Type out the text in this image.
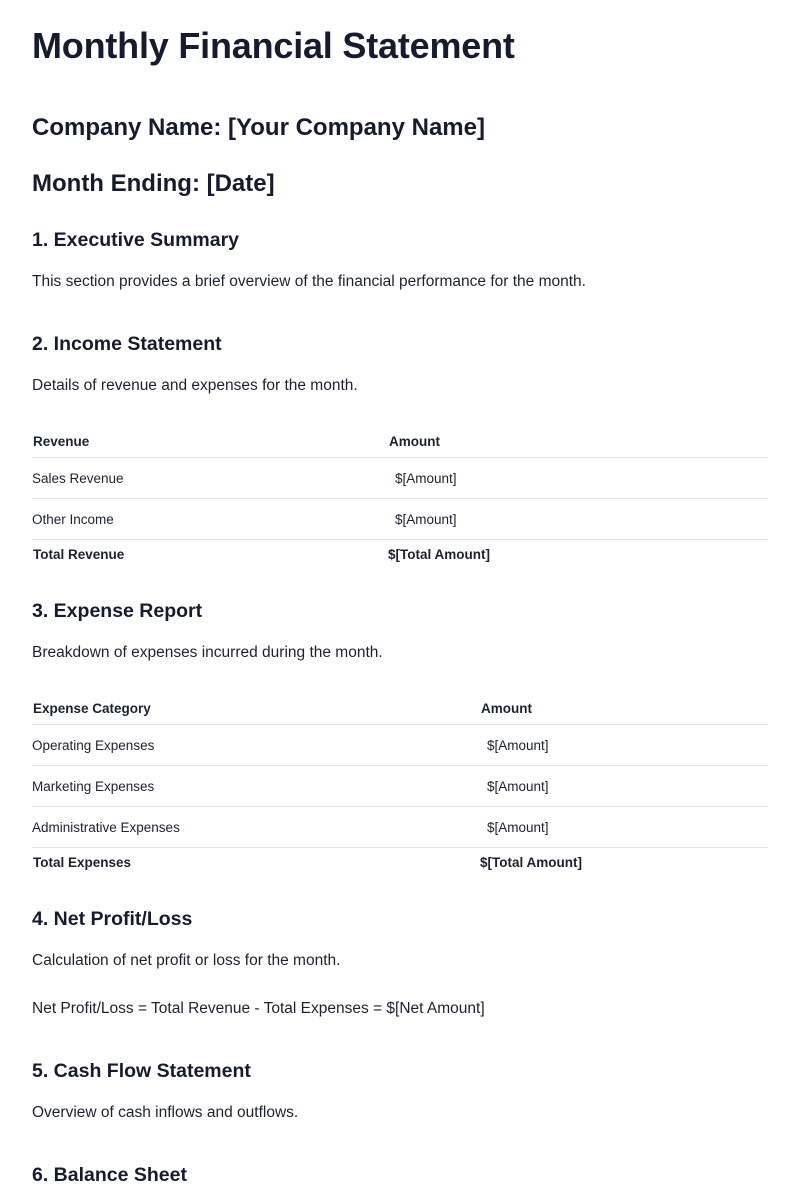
Monthly Financial Statement
Company Name: [Your Company Name]
Month Ending: [Date]
1. Executive Summary

This section provides a brief overview of the financial performance for the month.

2. Income Statement

Details of revenue and expenses for the month.

Revenue	Amount
Sales Revenue	$[Amount]
Other Income	$[Amount]
Total Revenue	$[Total Amount]
3. Expense Report

Breakdown of expenses incurred during the month.

Expense Category	Amount
Operating Expenses	$[Amount]
Marketing Expenses	$[Amount]
Administrative Expenses	$[Amount]
Total Expenses	$[Total Amount]
4. Net Profit/Loss

Calculation of net profit or loss for the month.

Net Profit/Loss = Total Revenue - Total Expenses = $[Net Amount]

5. Cash Flow Statement

Overview of cash inflows and outflows.

6. Balance Sheet
